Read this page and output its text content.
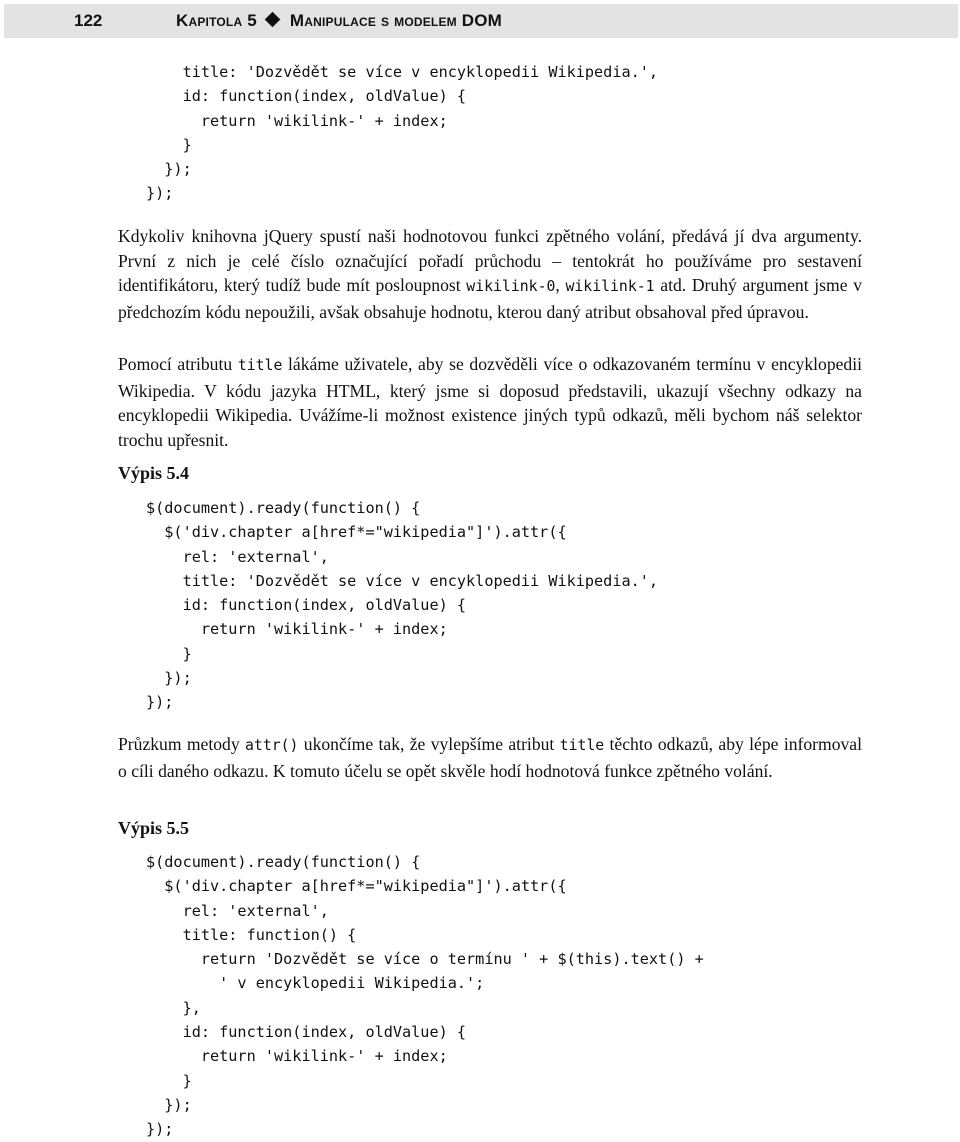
122	Kapitola 5 Manipulace s modelem DOM
title: 'Dozvědět se více v encyklopedii Wikipedia.',
id: function(index, oldValue) {
return 'wikilink-' + index;
}
});
});

Kdykoliv knihovna jQuery spustí naši hodnotovou funkci zpětného volání, předává jí dva argumenty. První z nich je celé číslo označující pořadí průchodu – tentokrát ho používáme pro sestavení identifikátoru, který tudíž bude mít posloupnost wikilink-0, wikilink-1 atd. Druhý argument jsme v předchozím kódu nepoužili, avšak obsahuje hodnotu, kterou daný atribut obsahoval před úpravou.

Pomocí atributu title lákáme uživatele, aby se dozvěděli více o odkazovaném termínu v encyklopedii Wikipedia. V kódu jazyka HTML, který jsme si doposud představili, ukazují všechny odkazy na encyklopedii Wikipedia. Uvážíme-li možnost existence jiných typů odkazů, měli bychom náš selektor trochu upřesnit.

Výpis 5.4
$(document).ready(function() {
$('div.chapter a[href*="wikipedia"]').attr({
rel: 'external',
title: 'Dozvědět se více v encyklopedii Wikipedia.',
id: function(index, oldValue) {
return 'wikilink-' + index;
}
});
});

Průzkum metody attr() ukončíme tak, že vylepšíme atribut title těchto odkazů, aby lépe informoval o cíli daného odkazu. K tomuto účelu se opět skvěle hodí hodnotová funkce zpětného volání.

Výpis 5.5
$(document).ready(function() {
$('div.chapter a[href*="wikipedia"]').attr({
rel: 'external',
title: function() {
return 'Dozvědět se více o termínu ' + $(this).text() +
' v encyklopedii Wikipedia.';
},
id: function(index, oldValue) {
return 'wikilink-' + index;
}
});
});
